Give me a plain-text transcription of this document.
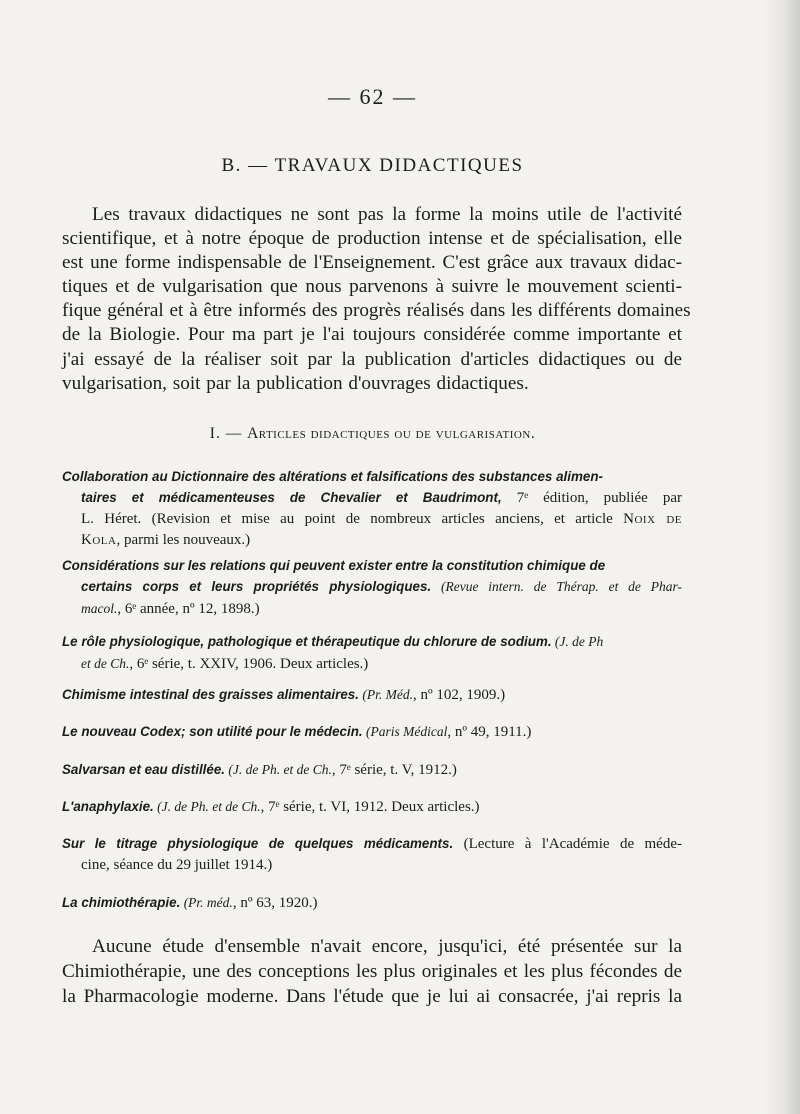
— 62 —
B. — TRAVAUX DIDACTIQUES
Les travaux didactiques ne sont pas la forme la moins utile de l'activité
scientifique, et à notre époque de production intense et de spécialisation, elle
est une forme indispensable de l'Enseignement. C'est grâce aux travaux didac-
tiques et de vulgarisation que nous parvenons à suivre le mouvement scienti-
fique général et à être informés des progrès réalisés dans les différents domaines
de la Biologie. Pour ma part je l'ai toujours considérée comme importante et
j'ai essayé de la réaliser soit par la publication d'articles didactiques ou de
vulgarisation, soit par la publication d'ouvrages didactiques.
I. — Articles didactiques ou de vulgarisation.
Collaboration au Dictionnaire des altérations et falsifications des substances alimen-
taires et médicamenteuses de Chevalier et Baudrimont, 7ᵉ édition, publiée par
L. Héret. (Revision et mise au point de nombreux articles anciens, et article Noix de
Kola, parmi les nouveaux.)
Considérations sur les relations qui peuvent exister entre la constitution chimique de
certains corps et leurs propriétés physiologiques. (Revue intern. de Thérap. et de Phar-
macol., 6ᵉ année, nº 12, 1898.)
Le rôle physiologique, pathologique et thérapeutique du chlorure de sodium. (J. de Ph
et de Ch., 6ᵉ série, t. XXIV, 1906. Deux articles.)
Chimisme intestinal des graisses alimentaires. (Pr. Méd., nº 102, 1909.)
Le nouveau Codex; son utilité pour le médecin. (Paris Médical, nº 49, 1911.)
Salvarsan et eau distillée. (J. de Ph. et de Ch., 7ᵉ série, t. V, 1912.)
L'anaphylaxie. (J. de Ph. et de Ch., 7ᵉ série, t. VI, 1912. Deux articles.)
Sur le titrage physiologique de quelques médicaments. (Lecture à l'Académie de méde-
cine, séance du 29 juillet 1914.)
La chimiothérapie. (Pr. méd., nº 63, 1920.)
Aucune étude d'ensemble n'avait encore, jusqu'ici, été présentée sur la
Chimiothérapie, une des conceptions les plus originales et les plus fécondes de
la Pharmacologie moderne. Dans l'étude que je lui ai consacrée, j'ai repris la
